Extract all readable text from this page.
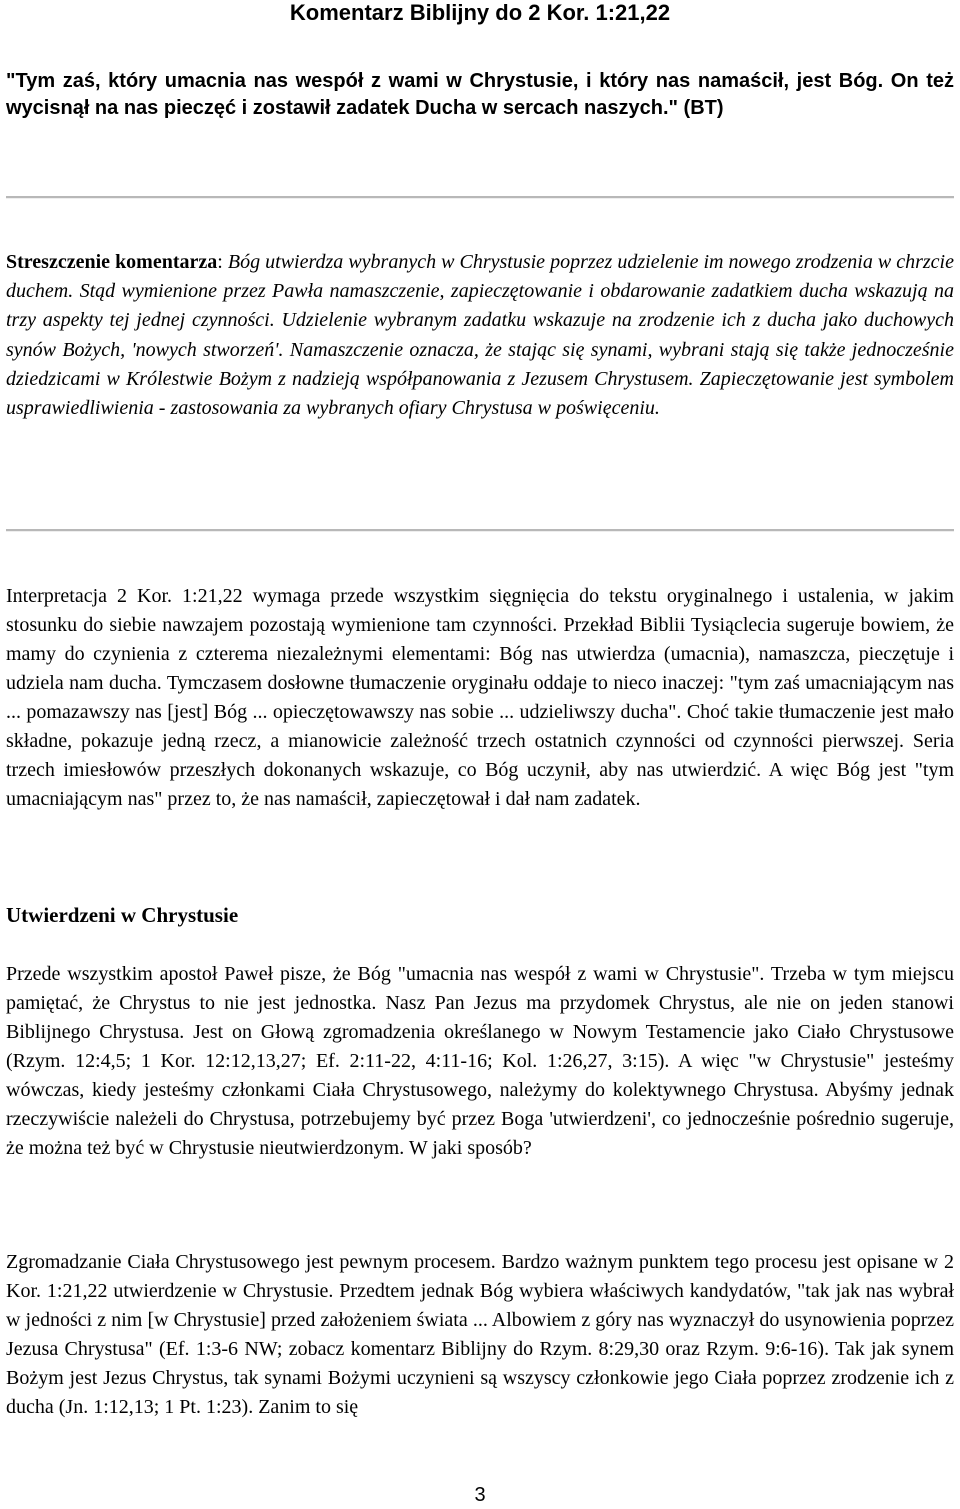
Komentarz Biblijny do 2 Kor. 1:21,22

"Tym zaś, który umacnia nas wespół z wami w Chrystusie, i który nas namaścił, jest Bóg. On też wycisnął na nas pieczęć i zostawił zadatek Ducha w sercach naszych." (BT)

Streszczenie komentarza: Bóg utwierdza wybranych w Chrystusie poprzez udzielenie im nowego zrodzenia w chrzcie duchem. Stąd wymienione przez Pawła namaszczenie, zapieczętowanie i obdarowanie zadatkiem ducha wskazują na trzy aspekty tej jednej czynności. Udzielenie wybranym zadatku wskazuje na zrodzenie ich z ducha jako duchowych synów Bożych, 'nowych stworzeń'. Namaszczenie oznacza, że stając się synami, wybrani stają się także jednocześnie dziedzicami w Królestwie Bożym z nadzieją współpanowania z Jezusem Chrystusem. Zapieczętowanie jest symbolem usprawiedliwienia - zastosowania za wybranych ofiary Chrystusa w poświęceniu.

Interpretacja 2 Kor. 1:21,22 wymaga przede wszystkim sięgnięcia do tekstu oryginalnego i ustalenia, w jakim stosunku do siebie nawzajem pozostają wymienione tam czynności. Przekład Biblii Tysiąclecia sugeruje bowiem, że mamy do czynienia z czterema niezależnymi elementami: Bóg nas utwierdza (umacnia), namaszcza, pieczętuje i udziela nam ducha. Tymczasem dosłowne tłumaczenie oryginału oddaje to nieco inaczej: "tym zaś umacniającym nas ... pomazawszy nas [jest] Bóg ... opieczętowawszy nas sobie ... udzieliwszy ducha". Choć takie tłumaczenie jest mało składne, pokazuje jedną rzecz, a mianowicie zależność trzech ostatnich czynności od czynności pierwszej. Seria trzech imiesłowów przeszłych dokonanych wskazuje, co Bóg uczynił, aby nas utwierdzić. A więc Bóg jest "tym umacniającym nas" przez to, że nas namaścił, zapieczętował i dał nam zadatek.

Utwierdzeni w Chrystusie

Przede wszystkim apostoł Paweł pisze, że Bóg "umacnia nas wespół z wami w Chrystusie". Trzeba w tym miejscu pamiętać, że Chrystus to nie jest jednostka. Nasz Pan Jezus ma przydomek Chrystus, ale nie on jeden stanowi Biblijnego Chrystusa. Jest on Głową zgromadzenia określanego w Nowym Testamencie jako Ciało Chrystusowe (Rzym. 12:4,5; 1 Kor. 12:12,13,27; Ef. 2:11-22, 4:11-16; Kol. 1:26,27, 3:15). A więc "w Chrystusie" jesteśmy wówczas, kiedy jesteśmy członkami Ciała Chrystusowego, należymy do kolektywnego Chrystusa. Abyśmy jednak rzeczywiście należeli do Chrystusa, potrzebujemy być przez Boga 'utwierdzeni', co jednocześnie pośrednio sugeruje, że można też być w Chrystusie nieutwierdzonym. W jaki sposób?

Zgromadzanie Ciała Chrystusowego jest pewnym procesem. Bardzo ważnym punktem tego procesu jest opisane w 2 Kor. 1:21,22 utwierdzenie w Chrystusie. Przedtem jednak Bóg wybiera właściwych kandydatów, "tak jak nas wybrał w jedności z nim [w Chrystusie] przed założeniem świata ... Albowiem z góry nas wyznaczył do usynowienia poprzez Jezusa Chrystusa" (Ef. 1:3-6 NW; zobacz komentarz Biblijny do Rzym. 8:29,30 oraz Rzym. 9:6-16). Tak jak synem Bożym jest Jezus Chrystus, tak synami Bożymi uczynieni są wszyscy członkowie jego Ciała poprzez zrodzenie ich z ducha (Jn. 1:12,13; 1 Pt. 1:23). Zanim to się

3
